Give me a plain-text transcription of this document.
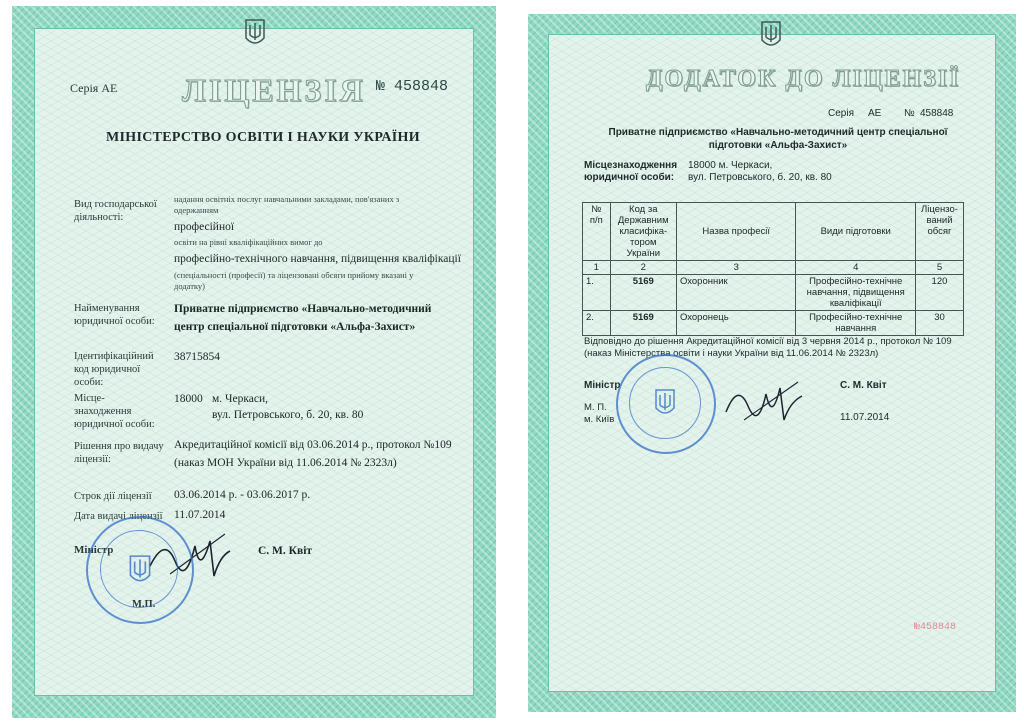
Серія АЕ ЛІЦЕНЗІЯ № 458848
МІНІСТЕРСТВО ОСВІТИ І НАУКИ УКРАЇНИ
Вид господарської діяльності:
надання освітніх послуг навчальними закладами, пов'язаних з одержанням
професійної
освіти на рівні кваліфікаційних вимог до
професійно-технічного навчання, підвищення кваліфікації
(спеціальності (професії) та ліцензовані обсяги прийому вказані у додатку)
Найменування юридичної особи:
Приватне підприємство «Навчально-методичний центр спеціальної підготовки «Альфа-Захист»
Ідентифікаційний код юридичної особи:
38715854
Місце-знаходження юридичної особи:
18000 м. Черкаси,
вул. Петровського, б. 20, кв. 80
Рішення про видачу ліцензії:
Акредитаційної комісії від 03.06.2014 р., протокол №109
(наказ МОН України від 11.06.2014 № 2323л)
Строк дії ліцензії 03.06.2014 р. - 03.06.2017 р.
Дата видачі ліцензії 11.07.2014
Міністр	С. М. Квіт
М.П.
ДОДАТОК ДО ЛІЦЕНЗІЇ
Серія АЕ № 458848
Приватне підприємство «Навчально-методичний центр спеціальної
підготовки «Альфа-Захист»
Місцезнаходження юридичної особи:
18000 м. Черкаси,
вул. Петровського, б. 20, кв. 80
№ п/п	Код за Державним класифіка-тором України	Назва професії	Види підготовки	Ліцензо-ваний обсяг
1	2	3	4	5
1.	5169	Охоронник	Професійно-технічне навчання, підвищення кваліфікації	120
2.	5169	Охоронець	Професійно-технічне навчання	30
Відповідно до рішення Акредитаційної комісії від 3 червня 2014 р., протокол № 109
(наказ Міністерства освіти і науки України від 11.06.2014 № 2323л)
Міністр	С. М. Квіт
М. П.
м. Київ	11.07.2014
№458848
